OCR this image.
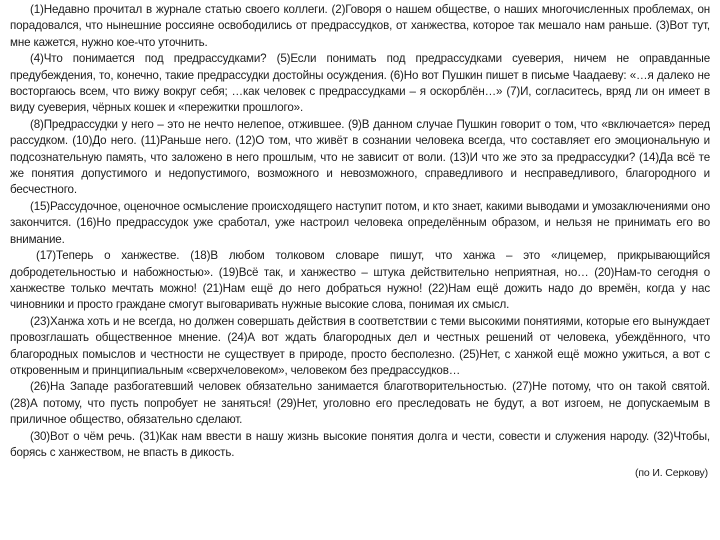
(1)Недавно прочитал в журнале статью своего коллеги. (2)Говоря о нашем обществе, о наших многочисленных проблемах, он порадовался, что нынешние россияне освободились от предрассудков, от ханжества, которое так мешало нам раньше. (3)Вот тут, мне кажется, нужно кое-что уточнить.

(4)Что понимается под предрассудками? (5)Если понимать под предрассудками суеверия, ничем не оправданные предубеждения, то, конечно, такие предрассудки достойны осуждения. (6)Но вот Пушкин пишет в письме Чаадаеву: «…я далеко не восторгаюсь всем, что вижу вокруг себя; …как человек с предрассудками – я оскорблён…» (7)И, согласитесь, вряд ли он имеет в виду суеверия, чёрных кошек и «пережитки прошлого».

(8)Предрассудки у него – это не нечто нелепое, отжившее. (9)В данном случае Пушкин говорит о том, что «включается» перед рассудком. (10)До него. (11)Раньше него. (12)О том, что живёт в сознании человека всегда, что составляет его эмоциональную и подсознательную память, что заложено в него прошлым, что не зависит от воли. (13)И что же это за предрассудки? (14)Да всё те же понятия допустимого и недопустимого, возможного и невозможного, справедливого и несправедливого, благородного и бесчестного.

(15)Рассудочное, оценочное осмысление происходящего наступит потом, и кто знает, какими выводами и умозаключениями оно закончится. (16)Но предрассудок уже сработал, уже настроил человека определённым образом, и нельзя не принимать его во внимание.

(17)Теперь о ханжестве. (18)В любом толковом словаре пишут, что ханжа – это «лицемер, прикрывающийся добродетельностью и набожностью». (19)Всё так, и ханжество – штука действительно неприятная, но… (20)Нам-то сегодня о ханжестве только мечтать можно! (21)Нам ещё до него добраться нужно! (22)Нам ещё дожить надо до времён, когда у нас чиновники и просто граждане смогут выговаривать нужные высокие слова, понимая их смысл.

(23)Ханжа хоть и не всегда, но должен совершать действия в соответствии с теми высокими понятиями, которые его вынуждает провозглашать общественное мнение. (24)А вот ждать благородных дел и честных решений от человека, убеждённого, что благородных помыслов и честности не существует в природе, просто бесполезно. (25)Нет, с ханжой ещё можно ужиться, а вот с откровенным и принципиальным «сверхчеловеком», человеком без предрассудков…

(26)На Западе разбогатевший человек обязательно занимается благотворительностью. (27)Не потому, что он такой святой. (28)А потому, что пусть попробует не заняться! (29)Нет, уголовно его преследовать не будут, а вот изгоем, не допускаемым в приличное общество, обязательно сделают.

(30)Вот о чём речь. (31)Как нам ввести в нашу жизнь высокие понятия долга и чести, совести и служения народу. (32)Чтобы, борясь с ханжеством, не впасть в дикость.

(по И. Серкову)
